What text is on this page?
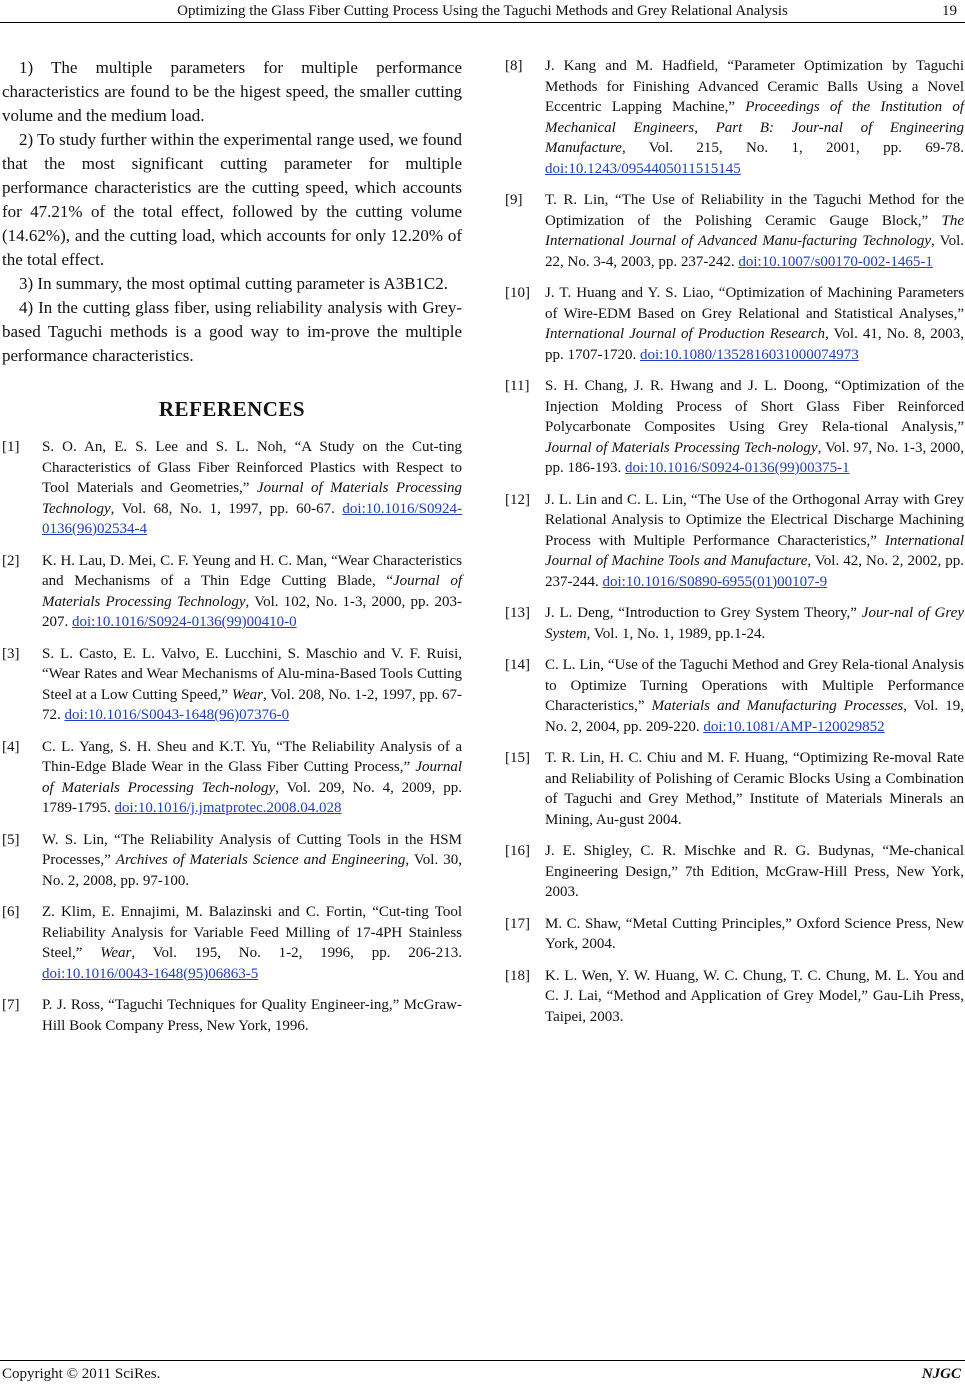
Optimizing the Glass Fiber Cutting Process Using the Taguchi Methods and Grey Relational Analysis	19

1) The multiple parameters for multiple performance characteristics are found to be the higest speed, the smaller cutting volume and the medium load.

2) To study further within the experimental range used, we found that the most significant cutting parameter for multiple performance characteristics are the cutting speed, which accounts for 47.21% of the total effect, followed by the cutting volume (14.62%), and the cutting load, which accounts for only 12.20% of the total effect.

3) In summary, the most optimal cutting parameter is A3B1C2.

4) In the cutting glass fiber, using reliability analysis with Grey-based Taguchi methods is a good way to im-prove the multiple performance characteristics.

REFERENCES
[1]	S. O. An, E. S. Lee and S. L. Noh, “A Study on the Cut-ting Characteristics of Glass Fiber Reinforced Plastics with Respect to Tool Materials and Geometries,” Journal of Materials Processing Technology, Vol. 68, No. 1, 1997, pp. 60-67. doi:10.1016/S0924-0136(96)02534-4
[2]	K. H. Lau, D. Mei, C. F. Yeung and H. C. Man, “Wear Characteristics and Mechanisms of a Thin Edge Cutting Blade, “Journal of Materials Processing Technology, Vol. 102, No. 1-3, 2000, pp. 203-207. doi:10.1016/S0924-0136(99)00410-0
[3]	S. L. Casto, E. L. Valvo, E. Lucchini, S. Maschio and V. F. Ruisi, “Wear Rates and Wear Mechanisms of Alu-mina-Based Tools Cutting Steel at a Low Cutting Speed,” Wear, Vol. 208, No. 1-2, 1997, pp. 67-72. doi:10.1016/S0043-1648(96)07376-0
[4]	C. L. Yang, S. H. Sheu and K.T. Yu, “The Reliability Analysis of a Thin-Edge Blade Wear in the Glass Fiber Cutting Process,” Journal of Materials Processing Tech-nology, Vol. 209, No. 4, 2009, pp. 1789-1795. doi:10.1016/j.jmatprotec.2008.04.028
[5]	W. S. Lin, “The Reliability Analysis of Cutting Tools in the HSM Processes,” Archives of Materials Science and Engineering, Vol. 30, No. 2, 2008, pp. 97-100.
[6]	Z. Klim, E. Ennajimi, M. Balazinski and C. Fortin, “Cut-ting Tool Reliability Analysis for Variable Feed Milling of 17-4PH Stainless Steel,” Wear, Vol. 195, No. 1-2, 1996, pp. 206-213. doi:10.1016/0043-1648(95)06863-5
[7]	P. J. Ross, “Taguchi Techniques for Quality Engineer-ing,” McGraw-Hill Book Company Press, New York, 1996.
[8]	J. Kang and M. Hadfield, “Parameter Optimization by Taguchi Methods for Finishing Advanced Ceramic Balls Using a Novel Eccentric Lapping Machine,” Proceedings of the Institution of Mechanical Engineers, Part B: Jour-nal of Engineering Manufacture, Vol. 215, No. 1, 2001, pp. 69-78. doi:10.1243/0954405011515145
[9]	T. R. Lin, “The Use of Reliability in the Taguchi Method for the Optimization of the Polishing Ceramic Gauge Block,” The International Journal of Advanced Manu-facturing Technology, Vol. 22, No. 3-4, 2003, pp. 237-242. doi:10.1007/s00170-002-1465-1
[10]	J. T. Huang and Y. S. Liao, “Optimization of Machining Parameters of Wire-EDM Based on Grey Relational and Statistical Analyses,” International Journal of Production Research, Vol. 41, No. 8, 2003, pp. 1707-1720. doi:10.1080/1352816031000074973
[11]	S. H. Chang, J. R. Hwang and J. L. Doong, “Optimization of the Injection Molding Process of Short Glass Fiber Reinforced Polycarbonate Composites Using Grey Rela-tional Analysis,” Journal of Materials Processing Tech-nology, Vol. 97, No. 1-3, 2000, pp. 186-193. doi:10.1016/S0924-0136(99)00375-1
[12]	J. L. Lin and C. L. Lin, “The Use of the Orthogonal Array with Grey Relational Analysis to Optimize the Electrical Discharge Machining Process with Multiple Performance Characteristics,” International Journal of Machine Tools and Manufacture, Vol. 42, No. 2, 2002, pp. 237-244. doi:10.1016/S0890-6955(01)00107-9
[13]	J. L. Deng, “Introduction to Grey System Theory,” Jour-nal of Grey System, Vol. 1, No. 1, 1989, pp.1-24.
[14]	C. L. Lin, “Use of the Taguchi Method and Grey Rela-tional Analysis to Optimize Turning Operations with Multiple Performance Characteristics,” Materials and Manufacturing Processes, Vol. 19, No. 2, 2004, pp. 209-220. doi:10.1081/AMP-120029852
[15]	T. R. Lin, H. C. Chiu and M. F. Huang, “Optimizing Re-moval Rate and Reliability of Polishing of Ceramic Blocks Using a Combination of Taguchi and Grey Method,” Institute of Materials Minerals an Mining, Au-gust 2004.
[16]	J. E. Shigley, C. R. Mischke and R. G. Budynas, “Me-chanical Engineering Design,” 7th Edition, McGraw-Hill Press, New York, 2003.
[17]	M. C. Shaw, “Metal Cutting Principles,” Oxford Science Press, New York, 2004.
[18]	K. L. Wen, Y. W. Huang, W. C. Chung, T. C. Chung, M. L. You and C. J. Lai, “Method and Application of Grey Model,” Gau-Lih Press, Taipei, 2003.
Copyright © 2011 SciRes.	NJGC
